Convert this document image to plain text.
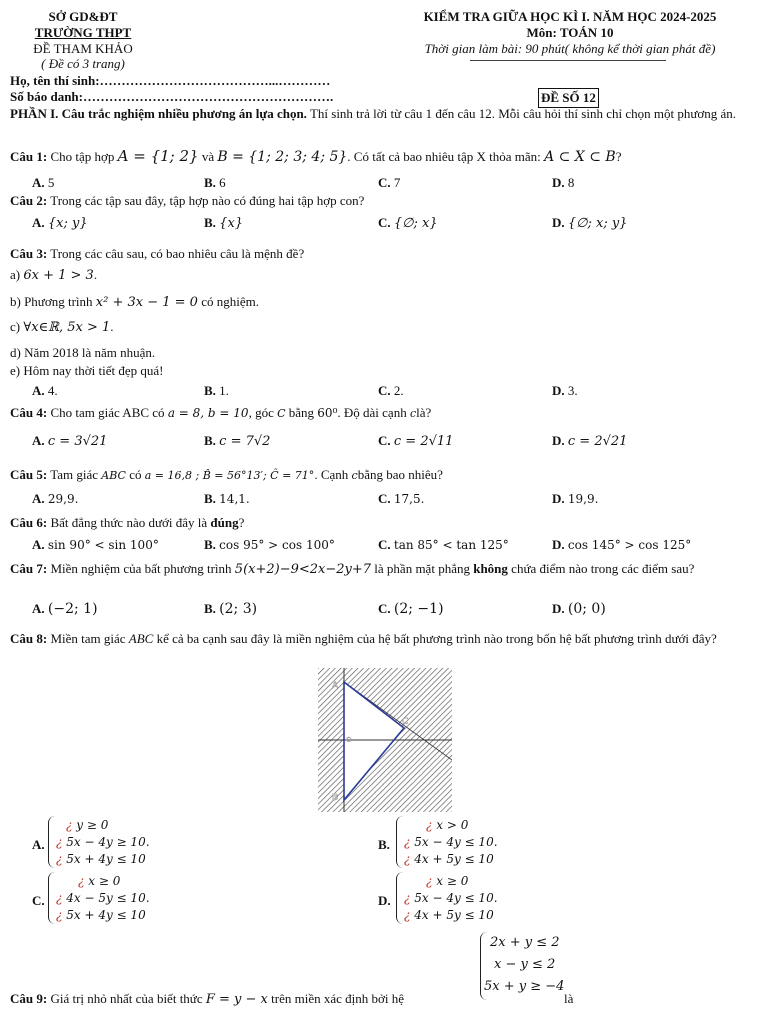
SỞ GD&ĐT
TRƯỜNG THPT
ĐỀ THAM KHẢO
( Đề có 3 trang)
KIỂM TRA GIỮA HỌC KÌ I. NĂM HỌC 2024-2025
Môn: TOÁN 10
Thời gian làm bài: 90 phút( không kể thời gian phát đề)
Họ, tên thí sinh:…………………………………...…………
Số báo danh:………………………………………………….	ĐỀ SỐ 12
PHẦN I. Câu trắc nghiệm nhiều phương án lựa chọn. Thí sinh trả lời từ câu 1 đến câu 12. Mỗi câu hỏi thí sinh chỉ chọn một phương án.
Câu 1: Cho tập hợp A = {1; 2} và B = {1; 2; 3; 4; 5}. Có tất cả bao nhiêu tập X thỏa mãn: A ⊂ X ⊂ B?
A. 5	B. 6	C. 7	D. 8
Câu 2: Trong các tập sau đây, tập hợp nào có đúng hai tập hợp con?
A. {x; y}	B. {x}	C. {∅; x}	D. {∅; x; y}
Câu 3: Trong các câu sau, có bao nhiêu câu là mệnh đề?
a) 6x + 1 > 3.
b) Phương trình x² + 3x − 1 = 0 có nghiệm.
c) ∀x∈ℝ, 5x > 1.
d) Năm 2018 là năm nhuận.
e) Hôm nay thời tiết đẹp quá!
A. 4.	B. 1.	C. 2.	D. 3.
Câu 4: Cho tam giác ABC có a = 8, b = 10, góc C bằng 60⁰. Độ dài cạnh clà?
A. c = 3√21	B. c = 7√2	C. c = 2√11	D. c = 2√21
Câu 5: Tam giác ABC có a = 16,8 ; B̂ = 56°13′; Ĉ = 71°. Cạnh cbằng bao nhiêu?
A. 29,9.	B. 14,1.	C. 17,5.	D. 19,9.
Câu 6: Bất đẳng thức nào dưới đây là đúng?
A. sin 90° < sin 100°	B. cos 95° > cos 100°	C. tan 85° < tan 125°	D. cos 145° > cos 125°
Câu 7: Miền nghiệm của bất phương trình 5(x+2)−9<2x−2y+7 là phần mặt phẳng không chứa điểm nào trong các điểm sau?
A. (−2; 1)	B. (2; 3)	C. (2; −1)	D. (0; 0)
Câu 8: Miền tam giác ABC kể cả ba cạnh sau đây là miền nghiệm của hệ bất phương trình nào trong bốn hệ bất phương trình dưới đây?
A
C
O
B
A.
¿ y ≥ 0
¿ 5x − 4y ≥ 10.
¿ 5x + 4y ≤ 10
B.
¿ x > 0
¿ 5x − 4y ≤ 10.
¿ 4x + 5y ≤ 10
C.
¿ x ≥ 0
¿ 4x − 5y ≤ 10.
¿ 5x + 4y ≤ 10
D.
¿ x ≥ 0
¿ 5x − 4y ≤ 10.
¿ 4x + 5y ≤ 10
2x + y ≤ 2
x − y ≤ 2
5x + y ≥ −4
Câu 9: Giá trị nhỏ nhất của biết thức F = y − x trên miền xác định bởi hệ	là
